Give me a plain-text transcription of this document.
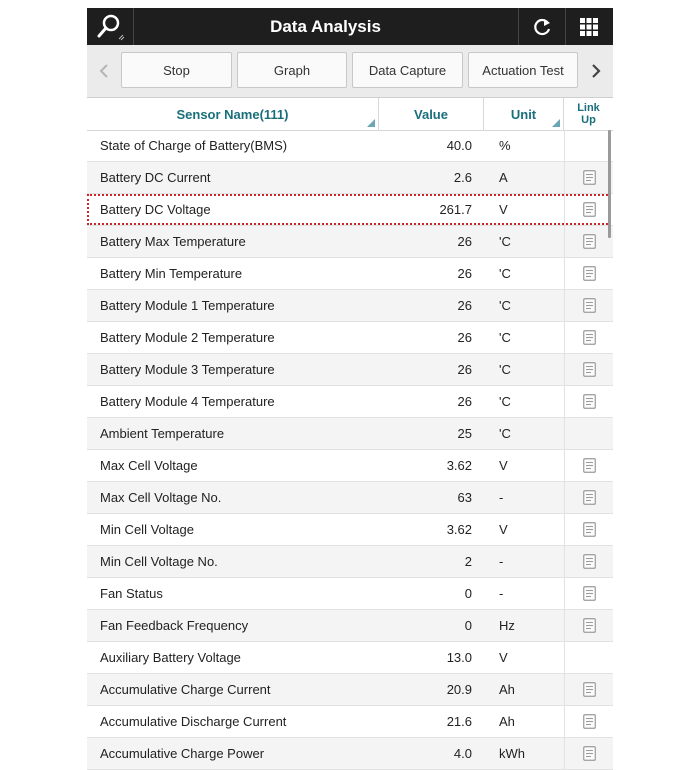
Data Analysis
Stop	Graph	Data Capture	Actuation Test
Sensor Name(111)	Value	Unit	Link
Up
State of Charge of Battery(BMS)	40.0 %
Battery DC Current	2.6 A
Battery DC Voltage	261.7 V
Battery Max Temperature	26 'C
Battery Min Temperature	26 'C
Battery Module 1 Temperature	26 'C
Battery Module 2 Temperature	26 'C
Battery Module 3 Temperature	26 'C
Battery Module 4 Temperature	26 'C
Ambient Temperature	25 'C
Max Cell Voltage	3.62 V
Max Cell Voltage No.	63 -
Min Cell Voltage	3.62 V
Min Cell Voltage No.	2 -
Fan Status	0 -
Fan Feedback Frequency	0 Hz
Auxiliary Battery Voltage	13.0 V
Accumulative Charge Current	20.9 Ah
Accumulative Discharge Current	21.6 Ah
Accumulative Charge Power	4.0 kWh
